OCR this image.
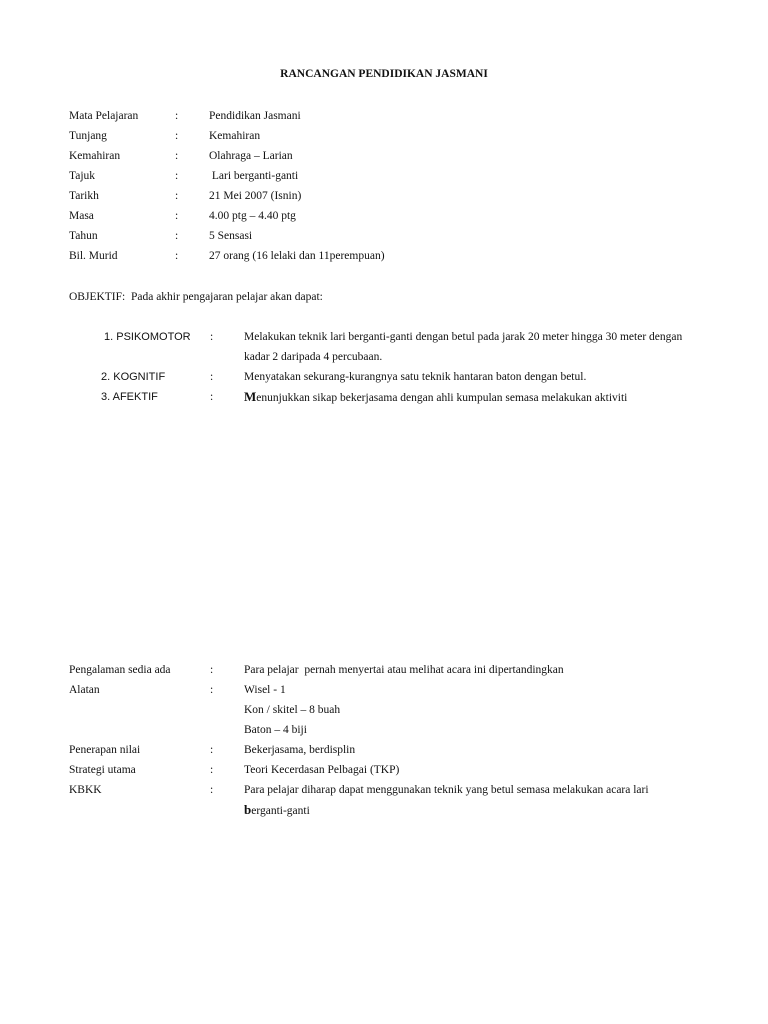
RANCANGAN PENDIDIKAN JASMANI
Mata Pelajaran	:	Pendidikan Jasmani
Tunjang	:	Kemahiran
Kemahiran	:	Olahraga – Larian
Tajuk	:	Lari berganti-ganti
Tarikh	:	21 Mei 2007 (Isnin)
Masa	:	4.00 ptg – 4.40 ptg
Tahun	:	5 Sensasi
Bil. Murid	:	27 orang (16 lelaki dan 11perempuan)
OBJEKTIF:  Pada akhir pengajaran pelajar akan dapat:
1. PSIKOMOTOR :	Melakukan teknik lari berganti-ganti dengan betul pada jarak 20 meter hingga 30 meter dengan
kadar 2 daripada 4 percubaan.
2. KOGNITIF	:	Menyatakan sekurang-kurangnya satu teknik hantaran baton dengan betul.
3. AFEKTIF	: Menunjukkan sikap bekerjasama dengan ahli kumpulan semasa melakukan aktiviti
Pengalaman sedia ada	:	Para pelajar  pernah menyertai atau melihat acara ini dipertandingkan
Alatan	:	Wisel - 1
Kon / skitel – 8 buah
Baton – 4 biji
Penerapan nilai	:	Bekerjasama, berdisplin
Strategi utama	:	Teori Kecerdasan Pelbagai (TKP)
KBKK	:	Para pelajar diharap dapat menggunakan teknik yang betul semasa melakukan acara lari
berganti-ganti
